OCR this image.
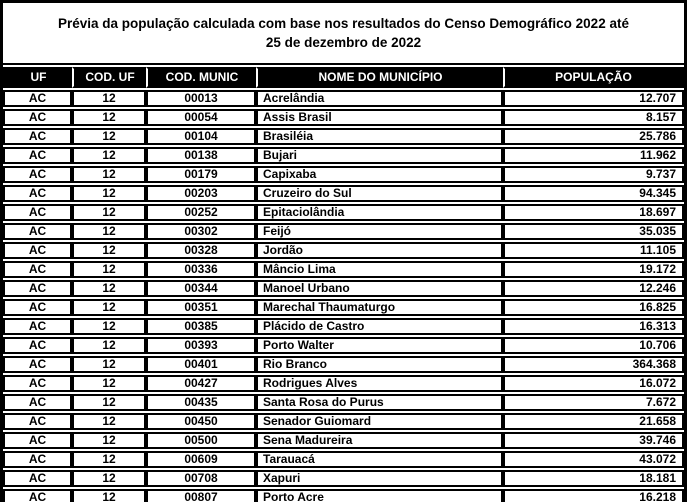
Prévia da população calculada com base nos resultados do Censo Demográfico 2022 até
25 de dezembro de 2022
UF	COD. UF	COD. MUNIC	NOME DO MUNICÍPIO	POPULAÇÃO
AC	12	00013	Acrelândia	12.707
AC	12	00054	Assis Brasil	8.157
AC	12	00104	Brasiléia	25.786
AC	12	00138	Bujari	11.962
AC	12	00179	Capixaba	9.737
AC	12	00203	Cruzeiro do Sul	94.345
AC	12	00252	Epitaciolândia	18.697
AC	12	00302	Feijó	35.035
AC	12	00328	Jordão	11.105
AC	12	00336	Mâncio Lima	19.172
AC	12	00344	Manoel Urbano	12.246
AC	12	00351	Marechal Thaumaturgo	16.825
AC	12	00385	Plácido de Castro	16.313
AC	12	00393	Porto Walter	10.706
AC	12	00401	Rio Branco	364.368
AC	12	00427	Rodrigues Alves	16.072
AC	12	00435	Santa Rosa do Purus	7.672
AC	12	00450	Senador Guiomard	21.658
AC	12	00500	Sena Madureira	39.746
AC	12	00609	Tarauacá	43.072
AC	12	00708	Xapuri	18.181
AC	12	00807	Porto Acre	16.218
